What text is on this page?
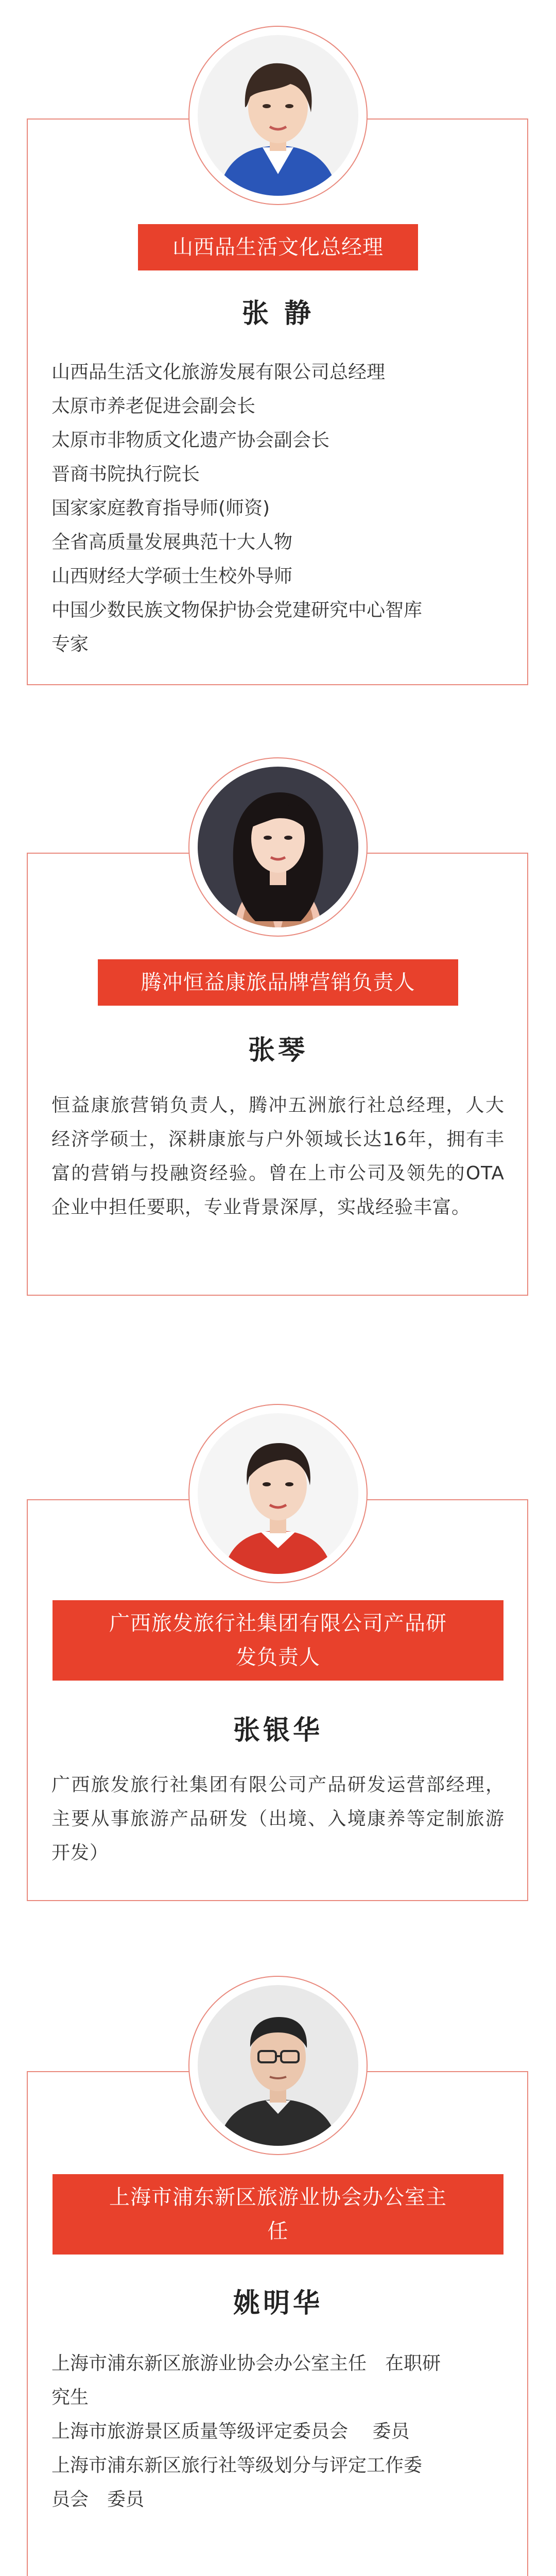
山西品生活文化总经理
张 静
山西品生活文化旅游发展有限公司总经理
太原市养老促进会副会长
太原市非物质文化遗产协会副会长
晋商书院执行院长
国家家庭教育指导师(师资)
全省高质量发展典范十大人物
山西财经大学硕士生校外导师
中国少数民族文物保护协会党建研究中心智库
专家
腾冲恒益康旅品牌营销负责人
张琴

恒益康旅营销负责人，腾冲五洲旅行社总经理，人大经济学硕士，深耕康旅与户外领域长达16年，拥有丰富的营销与投融资经验。曾在上市公司及领先的OTA企业中担任要职，专业背景深厚，实战经验丰富。

广西旅发旅行社集团有限公司产品研
发负责人
张银华

广西旅发旅行社集团有限公司产品研发运营部经理，主要从事旅游产品研发（出境、入境康养等定制旅游开发）

上海市浦东新区旅游业协会办公室主
任
姚明华
上海市浦东新区旅游业协会办公室主任　在职研
究生
上海市旅游景区质量等级评定委员会　 委员
上海市浦东新区旅行社等级划分与评定工作委
员会　委员
